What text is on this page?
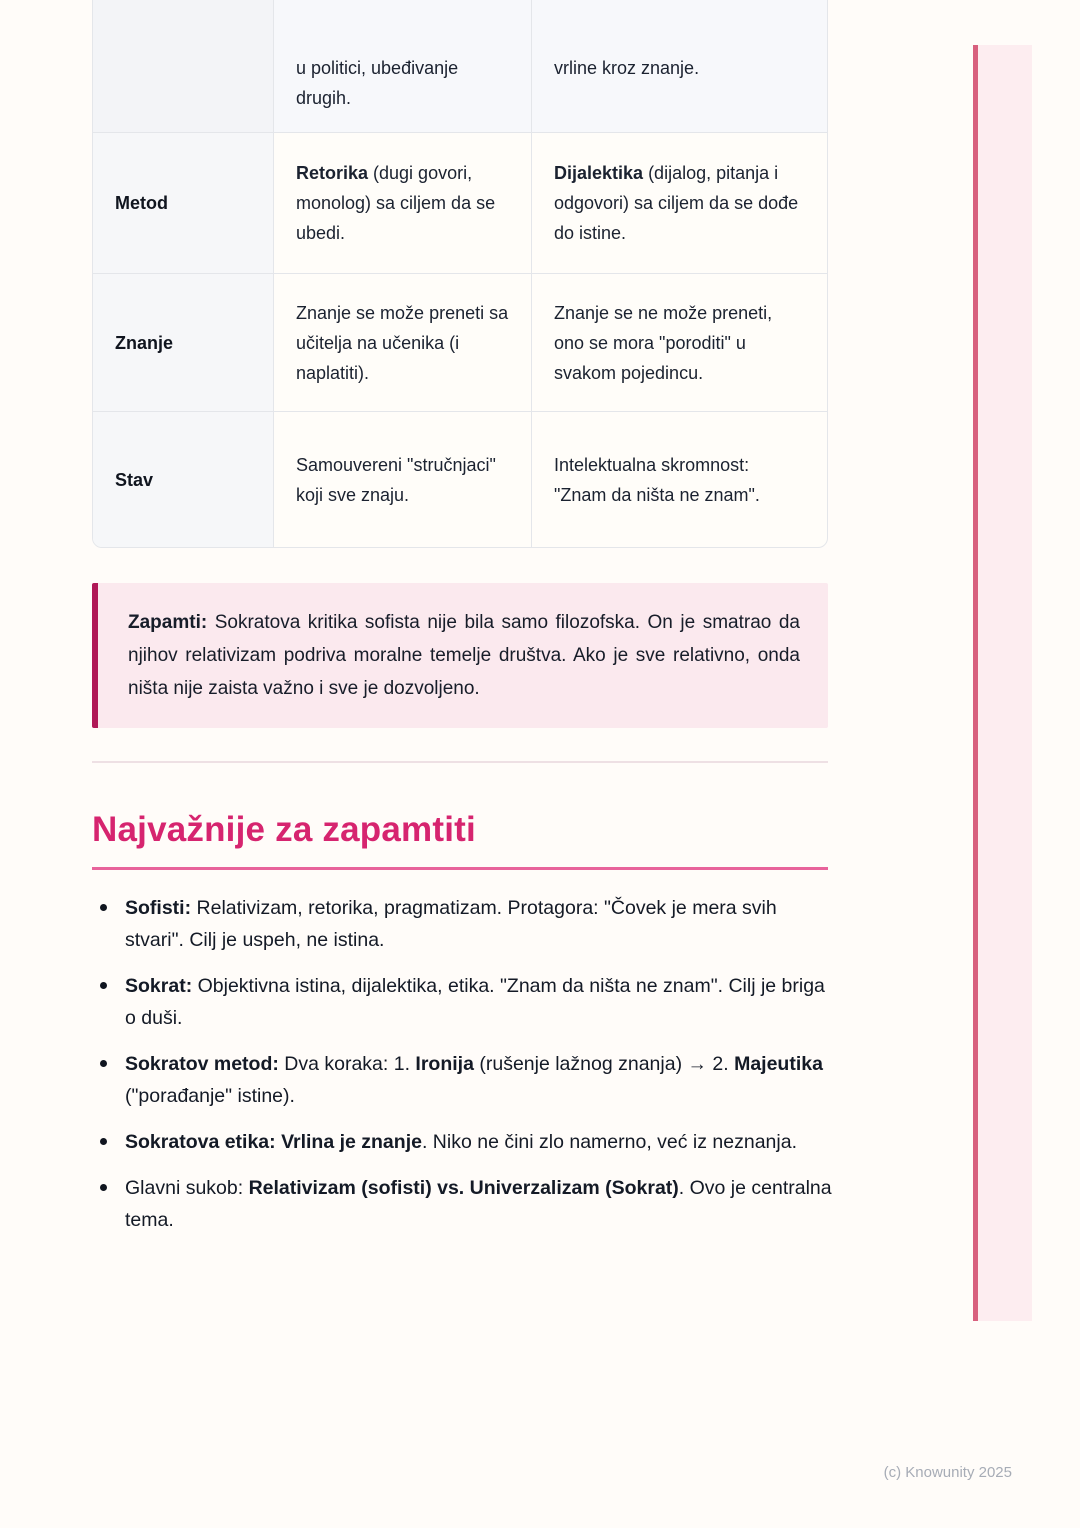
u politici, ubeđivanje drugih.
vrline kroz znanje.
Metod
Retorika (dugi govori, monolog) sa ciljem da se ubedi.
Dijalektika (dijalog, pitanja i odgovori) sa ciljem da se dođe do istine.
Znanje
Znanje se može preneti sa učitelja na učenika (i naplatiti).
Znanje se ne može preneti, ono se mora "poroditi" u svakom pojedincu.
Stav
Samouvereni "stručnjaci" koji sve znaju.
Intelektualna skromnost: "Znam da ništa ne znam".
Zapamti: Sokratova kritika sofista nije bila samo filozofska. On je smatrao da njihov relativizam podriva moralne temelje društva. Ako je sve relativno, onda ništa nije zaista važno i sve je dozvoljeno.
Najvažnije za zapamtiti
Sofisti: Relativizam, retorika, pragmatizam. Protagora: "Čovek je mera svih stvari". Cilj je uspeh, ne istina.
Sokrat: Objektivna istina, dijalektika, etika. "Znam da ništa ne znam". Cilj je briga o duši.
Sokratov metod: Dva koraka: 1. Ironija (rušenje lažnog znanja) → 2. Majeutika ("porađanje" istine).
Sokratova etika: Vrlina je znanje. Niko ne čini zlo namerno, već iz neznanja.
Glavni sukob: Relativizam (sofisti) vs. Univerzalizam (Sokrat). Ovo je centralna tema.
(c) Knowunity 2025
